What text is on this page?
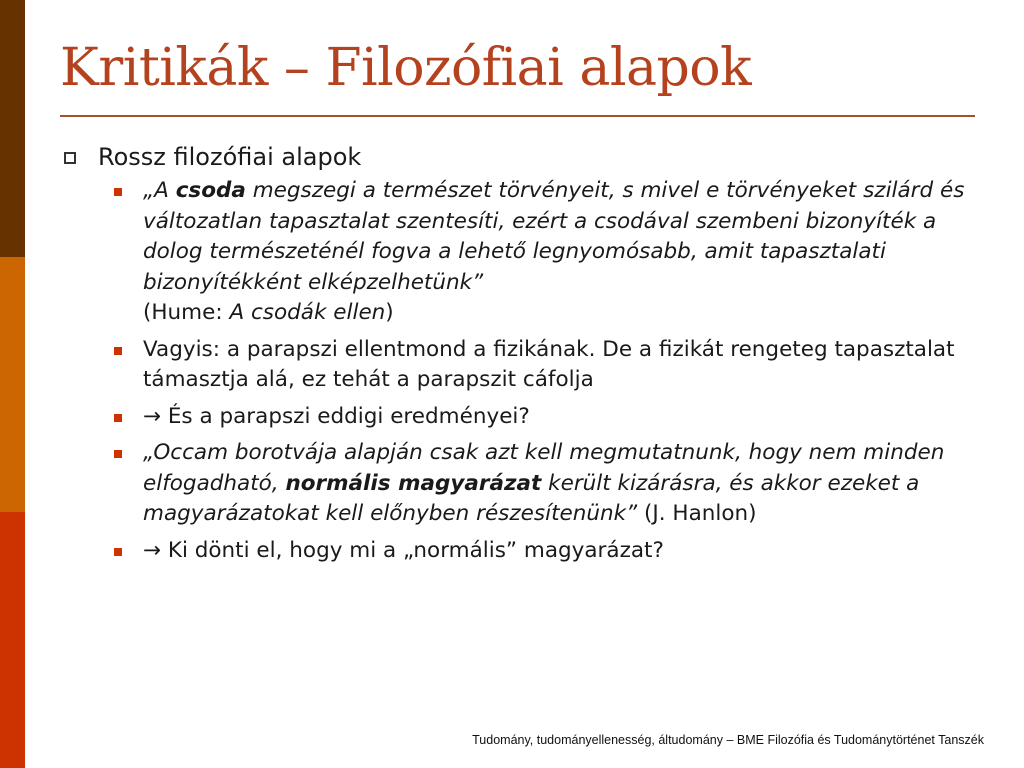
Kritikák – Filozófiai alapok
Rossz filozófiai alapok
„A csoda megszegi a természet törvényeit, s mivel e törvényeket szilárd és változatlan tapasztalat szentesíti, ezért a csodával szembeni bizonyíték a dolog természeténél fogva a lehető legnyomósabb, amit tapasztalati bizonyítékként elképzelhetünk”
(Hume: A csodák ellen)
Vagyis: a parapszi ellentmond a fizikának. De a fizikát rengeteg tapasztalat támasztja alá, ez tehát a parapszit cáfolja
→ És a parapszi eddigi eredményei?
„Occam borotvája alapján csak azt kell megmutatnunk, hogy nem minden elfogadható, normális magyarázat került kizárásra, és akkor ezeket a magyarázatokat kell előnyben részesítenünk” (J. Hanlon)
→ Ki dönti el, hogy mi a „normális” magyarázat?
Tudomány, tudományellenesség, áltudomány – BME Filozófia és Tudománytörténet Tanszék
